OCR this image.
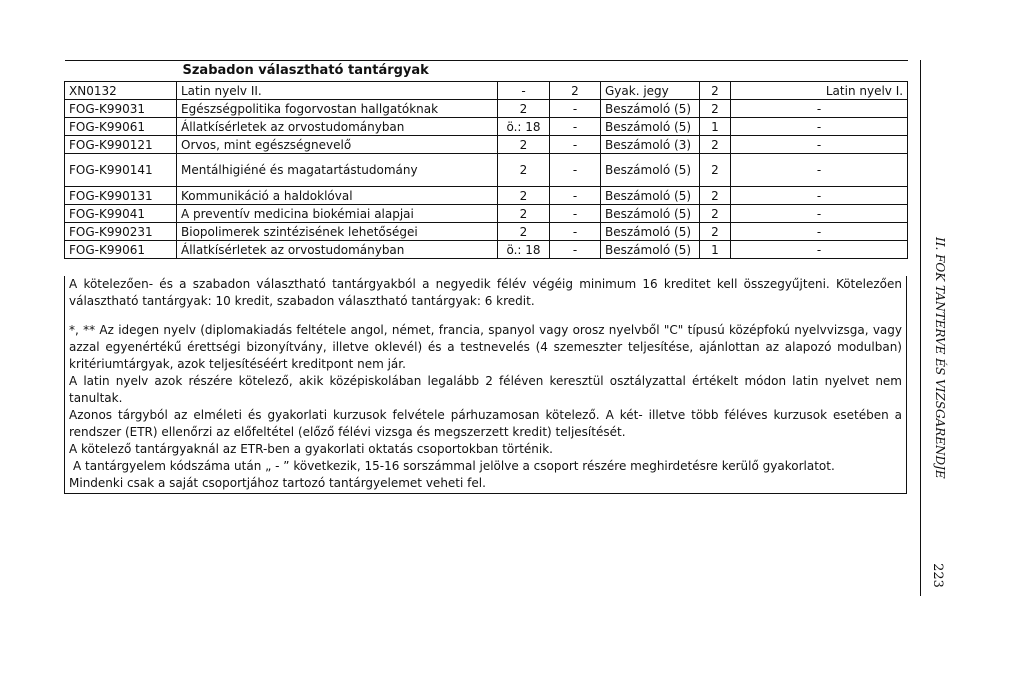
Szabadon választható tantárgyak						
XN0132	Latin nyelv II.	-	2	Gyak. jegy	2	Latin nyelv I.
FOG-K99031	Egészségpolitika fogorvostan hallgatóknak	2	-	Beszámoló (5)	2	-
FOG-K99061	Állatkísérletek az orvostudományban	ö.: 18	-	Beszámoló (5)	1	-
FOG-K990121	Orvos, mint egészségnevelő	2	-	Beszámoló (3)	2	-
FOG-K990141	Mentálhigiéné és magatartástudomány	2	-	Beszámoló (5)	2	-
FOG-K990131	Kommunikáció a haldoklóval	2	-	Beszámoló (5)	2	-
FOG-K99041	A preventív medicina biokémiai alapjai	2	-	Beszámoló (5)	2	-
FOG-K990231	Biopolimerek szintézisének lehetőségei	2	-	Beszámoló (5)	2	-
FOG-K99061	Állatkísérletek az orvostudományban	ö.: 18	-	Beszámoló (5)	1	-

A kötelezően- és a szabadon választható tantárgyakból a negyedik félév végéig minimum 16 kreditet kell összegyűjteni. Kötelezően választható tantárgyak: 10 kredit, szabadon választható tantárgyak: 6 kredit.

*, ** Az idegen nyelv (diplomakiadás feltétele angol, német, francia, spanyol vagy orosz nyelvből "C" típusú középfokú nyelvvizsga, vagy azzal egyenértékű érettségi bizonyítvány, illetve oklevél) és a testnevelés (4 szemeszter teljesítése, ajánlottan az alapozó modulban) kritériumtárgyak, azok teljesítéséért kreditpont nem jár.

A latin nyelv azok részére kötelező, akik középiskolában legalább 2 féléven keresztül osztályzattal értékelt módon latin nyelvet nem tanultak.

Azonos tárgyból az elméleti és gyakorlati kurzusok felvétele párhuzamosan kötelező. A két- illetve több féléves kurzusok esetében a rendszer (ETR) ellenőrzi az előfeltétel (előző félévi vizsga és megszerzett kredit) teljesítését.

A kötelező tantárgyaknál az ETR-ben a gyakorlati oktatás csoportokban történik.

A tantárgyelem kódszáma után „ - ” következik, 15-16 sorszámmal jelölve a csoport részére meghirdetésre kerülő gyakorlatot.

Mindenki csak a saját csoportjához tartozó tantárgyelemet veheti fel.

II. FOK TANTERVE ÉS VIZSGARENDJE
223
